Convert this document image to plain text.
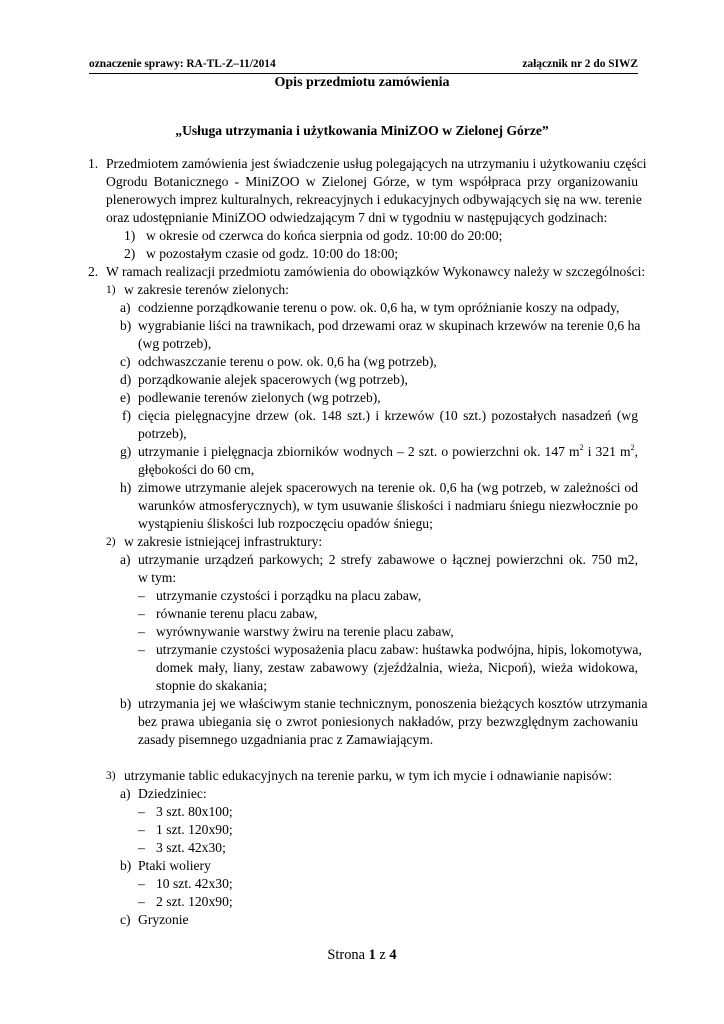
oznaczenie sprawy: RA-TL-Z–11/2014	załącznik nr 2 do SIWZ
Opis przedmiotu zamówienia
„Usługa utrzymania i użytkowania MiniZOO w Zielonej Górze”
1. Przedmiotem zamówienia jest świadczenie usług polegających na utrzymaniu i użytkowaniu części
Ogrodu Botanicznego - MiniZOO w Zielonej Górze, w tym współpraca przy organizowaniu
plenerowych imprez kulturalnych, rekreacyjnych i edukacyjnych odbywających się na ww. terenie
oraz udostępnianie MiniZOO odwiedzającym 7 dni w tygodniu w następujących godzinach:
1) w okresie od czerwca do końca sierpnia od godz. 10:00 do 20:00;
2) w pozostałym czasie od godz. 10:00 do 18:00;
2. W ramach realizacji przedmiotu zamówienia do obowiązków Wykonawcy należy w szczególności:
1) w zakresie terenów zielonych:
a) codzienne porządkowanie terenu o pow. ok. 0,6 ha, w tym opróżnianie koszy na odpady,
b) wygrabianie liści na trawnikach, pod drzewami oraz w skupinach krzewów na terenie 0,6 ha
(wg potrzeb),
c) odchwaszczanie terenu o pow. ok. 0,6 ha (wg potrzeb),
d) porządkowanie alejek spacerowych (wg potrzeb),
e) podlewanie terenów zielonych (wg potrzeb),
f) cięcia pielęgnacyjne drzew (ok. 148 szt.) i krzewów (10 szt.) pozostałych nasadzeń (wg
potrzeb),
g) utrzymanie i pielęgnacja zbiorników wodnych – 2 szt. o powierzchni ok. 147 $m^2$ i 321 $m^2$,
głębokości do 60 cm,
h) zimowe utrzymanie alejek spacerowych na terenie ok. 0,6 ha (wg potrzeb, w zależności od
warunków atmosferycznych), w tym usuwanie śliskości i nadmiaru śniegu niezwłocznie po
wystąpieniu śliskości lub rozpoczęciu opadów śniegu;
2) w zakresie istniejącej infrastruktury:
a) utrzymanie urządzeń parkowych; 2 strefy zabawowe o łącznej powierzchni ok. 750 m2,
w tym:
– utrzymanie czystości i porządku na placu zabaw,
– równanie terenu placu zabaw,
– wyrównywanie warstwy żwiru na terenie placu zabaw,
– utrzymanie czystości wyposażenia placu zabaw: huśtawka podwójna, hipis, lokomotywa,
domek mały, liany, zestaw zabawowy (zjeźdżalnia, wieża, Nicpoń), wieża widokowa,
stopnie do skakania;
b) utrzymania jej we właściwym stanie technicznym, ponoszenia bieżących kosztów utrzymania
bez prawa ubiegania się o zwrot poniesionych nakładów, przy bezwzględnym zachowaniu
zasady pisemnego uzgadniania prac z Zamawiającym.
3) utrzymanie tablic edukacyjnych na terenie parku, w tym ich mycie i odnawianie napisów:
a) Dziedziniec:
– 3 szt. 80x100;
– 1 szt. 120x90;
– 3 szt. 42x30;
b) Ptaki woliery
– 10 szt. 42x30;
– 2 szt. 120x90;
c) Gryzonie
Strona 1 z 4
